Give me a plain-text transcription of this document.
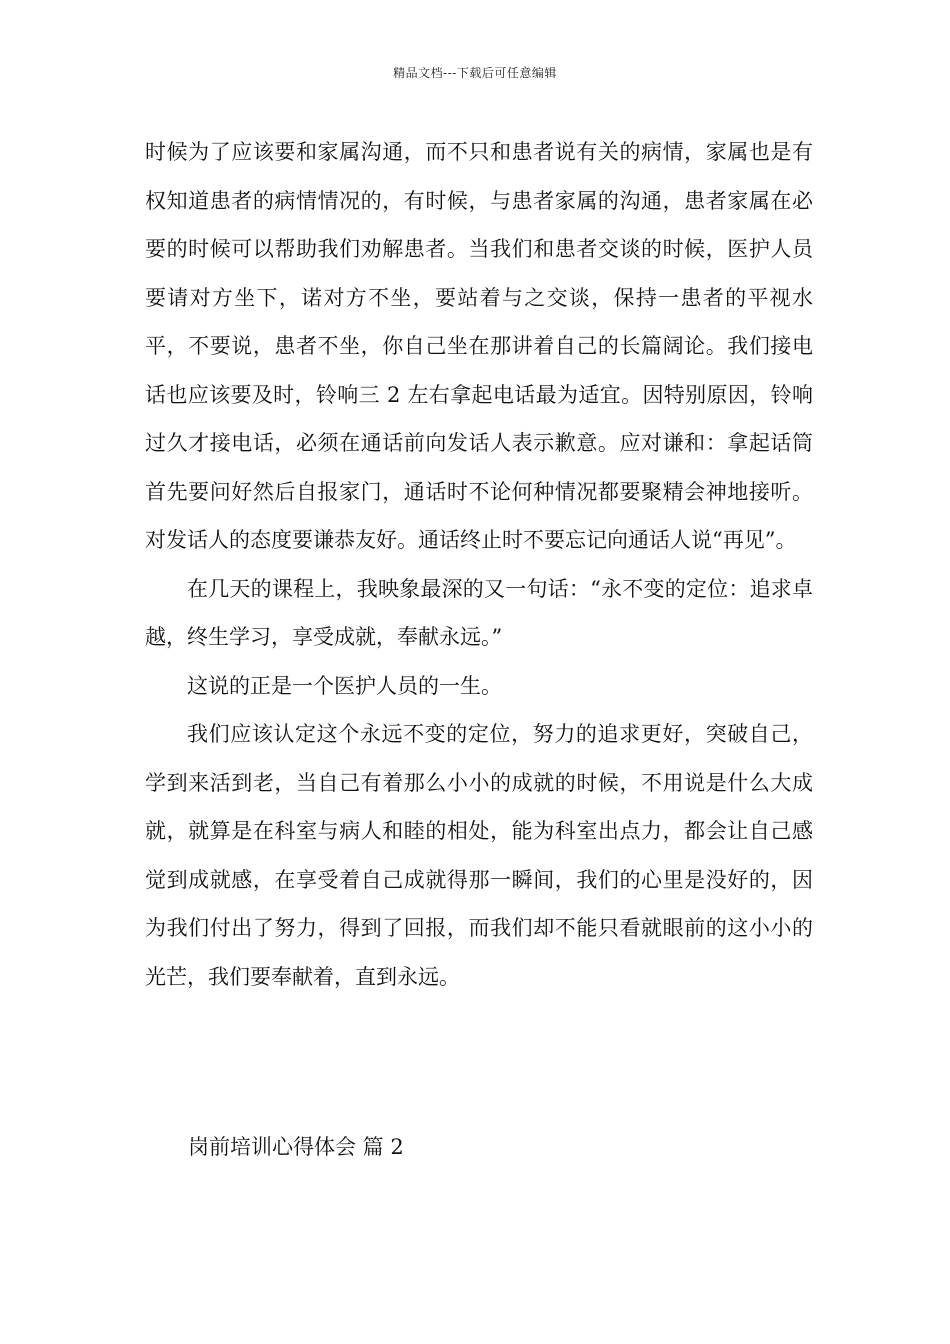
精品文档---下载后可任意编辑

时候为了应该要和家属沟通，而不只和患者说有关的病情，家属也是有权知道患者的病情情况的，有时候，与患者家属的沟通，患者家属在必要的时候可以帮助我们劝解患者。当我们和患者交谈的时候，医护人员要请对方坐下，诺对方不坐，要站着与之交谈，保持一患者的平视水平，不要说，患者不坐，你自己坐在那讲着自己的长篇阔论。我们接电话也应该要及时，铃响三 2 左右拿起电话最为适宜。因特别原因，铃响过久才接电话，必须在通话前向发话人表示歉意。应对谦和：拿起话筒首先要问好然后自报家门，通话时不论何种情况都要聚精会神地接听。对发话人的态度要谦恭友好。通话终止时不要忘记向通话人说“再见”。

在几天的课程上，我映象最深的又一句话：“永不变的定位：追求卓越，终生学习，享受成就，奉献永远。”

这说的正是一个医护人员的一生。

我们应该认定这个永远不变的定位，努力的追求更好，突破自己，学到来活到老，当自己有着那么小小的成就的时候，不用说是什么大成就，就算是在科室与病人和睦的相处，能为科室出点力，都会让自己感觉到成就感，在享受着自己成就得那一瞬间，我们的心里是没好的，因为我们付出了努力，得到了回报，而我们却不能只看就眼前的这小小的光芒，我们要奉献着，直到永远。

岗前培训心得体会 篇 2
